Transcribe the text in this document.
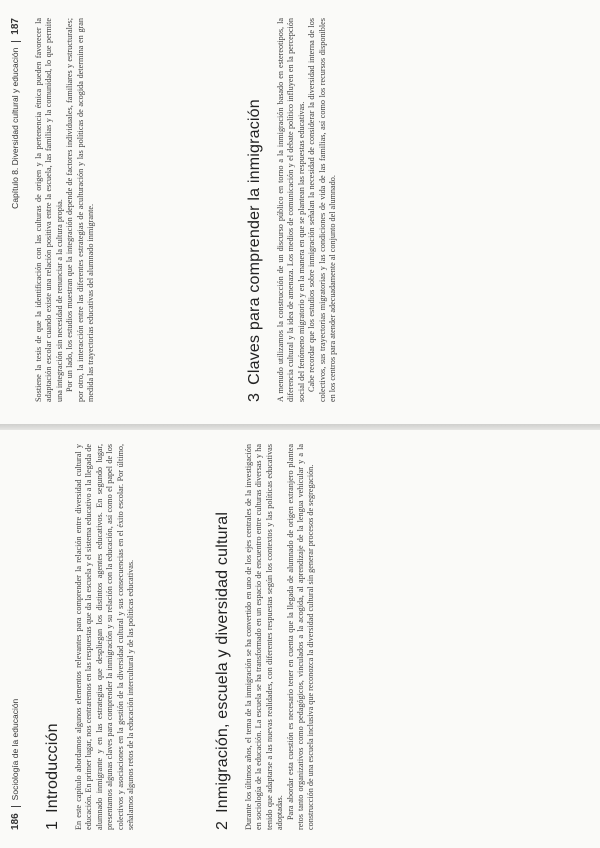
186Sociología de la educación
1Introducción En este capítulo abordamos algunos elementos relevantes para comprender la relación entre diversidad cultural y educación. En primer lugar, nos centraremos en las respuestas que da la escuela y el sistema educativo a la llegada de alumnado inmigrante y en las estrategias que despliegan los distintos agentes educativos. En segundo lugar, presentamos algunas claves para comprender la inmigración y su relación con la educación, así como el papel de los colectivos y asociaciones en la gestión de la diversidad cultural y sus consecuencias en el éxito escolar. Por último, señalamos algunos retos de la educación intercultural y de las políticas educativas.	2Inmigración, escuela y diversidad cultural Durante los últimos años, el tema de la inmigración se ha convertido en uno de los ejes centrales de la investigación en sociología de la educación. La escuela se ha transformado en un espacio de encuentro entre culturas diversas y ha tenido que adaptarse a las nuevas realidades, con diferentes respuestas según los contextos y las políticas educativas adoptadas. Para abordar esta cuestión es necesario tener en cuenta que la llegada de alumnado de origen extranjero plantea retos tanto organizativos como pedagógicos, vinculados a la acogida, al aprendizaje de la lengua vehicular y a la construcción de una escuela inclusiva que reconozca la diversidad cultural sin generar procesos de segregación.

Capítulo 8. Diversidad cultural y educación187 Sostiene la tesis de que la identificación con las culturas de origen y la pertenencia étnica pueden favorecer la adaptación escolar cuando existe una relación positiva entre la escuela, las familias y la comunidad, lo que permite una integración sin necesidad de renunciar a la cultura propia. Por un lado, los estudios muestran que la integración depende de factores individuales, familiares y estructurales; por otro, la interacción entre las diferentes estrategias de aculturación y las políticas de acogida determina en gran medida las trayectorias educativas del alumnado inmigrante.	3Claves para comprender la inmigración A menudo utilizamos la construcción de un discurso público en torno a la inmigración basado en estereotipos, la diferencia cultural y la idea de amenaza. Los medios de comunicación y el debate político influyen en la percepción social del fenómeno migratorio y en la manera en que se plantean las respuestas educativas. Cabe recordar que los estudios sobre inmigración señalan la necesidad de considerar la diversidad interna de los colectivos, sus trayectorias migratorias y las condiciones de vida de las familias, así como los recursos disponibles en los centros para atender adecuadamente al conjunto del alumnado.
